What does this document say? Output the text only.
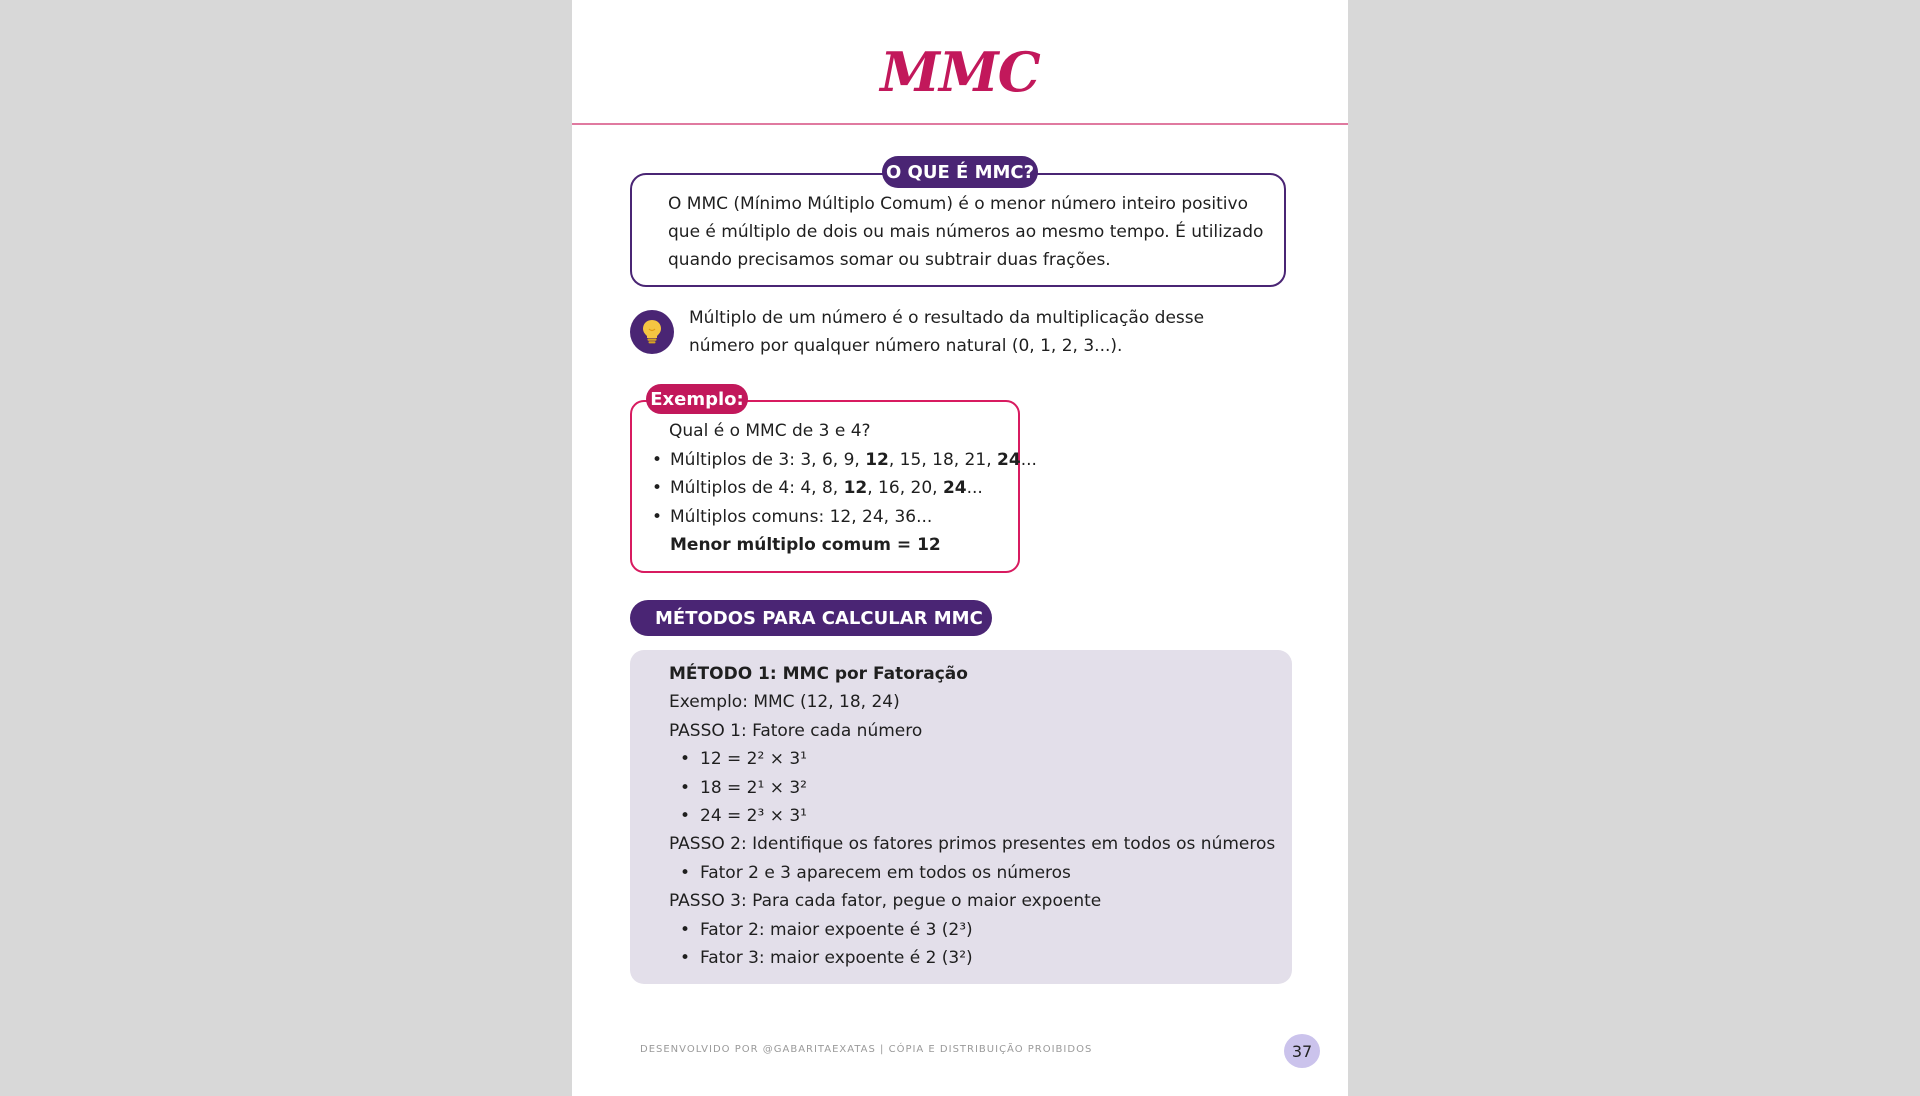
MMC
O QUE É MMC?
O MMC (Mínimo Múltiplo Comum) é o menor número inteiro positivo que é múltiplo de dois ou mais números ao mesmo tempo. É utilizado quando precisamos somar ou subtrair duas frações.
Múltiplo de um número é o resultado da multiplicação desse número por qualquer número natural (0, 1, 2, 3...).
Exemplo:
Qual é o MMC de 3 e 4?
• Múltiplos de 3: 3, 6, 9, 12, 15, 18, 21, 24...
• Múltiplos de 4: 4, 8, 12, 16, 20, 24...
• Múltiplos comuns: 12, 24, 36...
Menor múltiplo comum = 12
MÉTODOS PARA CALCULAR MMC
MÉTODO 1: MMC por Fatoração
Exemplo: MMC (12, 18, 24)
PASSO 1: Fatore cada número
• 12 = 2² × 3¹
• 18 = 2¹ × 3²
• 24 = 2³ × 3¹
PASSO 2: Identifique os fatores primos presentes em todos os números
• Fator 2 e 3 aparecem em todos os números
PASSO 3: Para cada fator, pegue o maior expoente
• Fator 2: maior expoente é 3 (2³)
• Fator 3: maior expoente é 2 (3²)
DESENVOLVIDO POR @GABARITAEXATAS | CÓPIA E DISTRIBUIÇÃO PROIBIDOS	37
